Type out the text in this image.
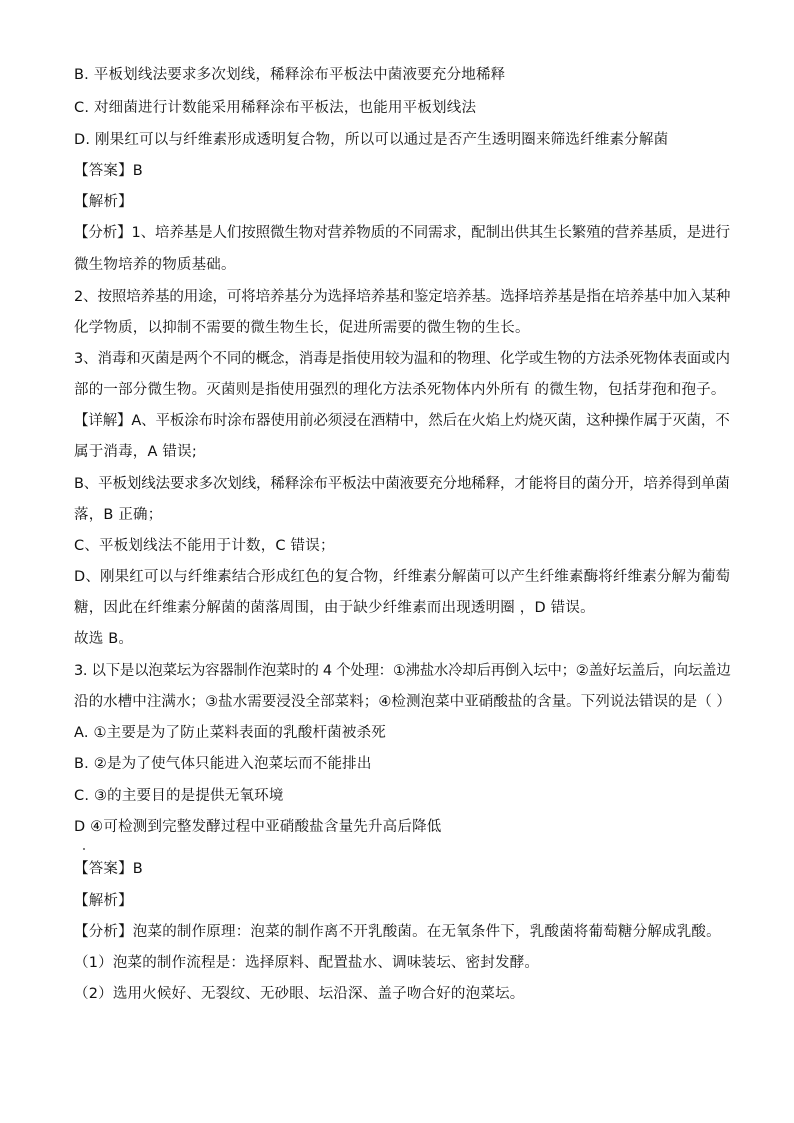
B. 平板划线法要求多次划线，稀释涂布平板法中菌液要充分地稀释
C. 对细菌进行计数能采用稀释涂布平板法，也能用平板划线法
D. 刚果红可以与纤维素形成透明复合物，所以可以通过是否产生透明圈来筛选纤维素分解菌
【答案】B
【解析】
【分析】1、培养基是人们按照微生物对营养物质的不同需求，配制出供其生长繁殖的营养基质，是进行
微生物培养的物质基础。
2、按照培养基的用途，可将培养基分为选择培养基和鉴定培养基。选择培养基是指在培养基中加入某种
化学物质，以抑制不需要的微生物生长，促进所需要的微生物的生长。
3、消毒和灭菌是两个不同的概念，消毒是指使用较为温和的物理、化学或生物的方法杀死物体表面或内
部的一部分微生物。灭菌则是指使用强烈的理化方法杀死物体内外所有 的微生物，包括芽孢和孢子。
【详解】A、平板涂布时涂布器使用前必须浸在酒精中，然后在火焰上灼烧灭菌，这种操作属于灭菌，不
属于消毒，A 错误;
B、平板划线法要求多次划线，稀释涂布平板法中菌液要充分地稀释，才能将目的菌分开，培养得到单菌
落，B 正确；
C、平板划线法不能用于计数，C 错误；
D、刚果红可以与纤维素结合形成红色的复合物，纤维素分解菌可以产生纤维素酶将纤维素分解为葡萄
糖，因此在纤维素分解菌的菌落周围，由于缺少纤维素而出现透明圈 ，D 错误。
故选 B。
3. 以下是以泡菜坛为容器制作泡菜时的 4 个处理：①沸盐水冷却后再倒入坛中；②盖好坛盖后，向坛盖边
沿的水槽中注满水；③盐水需要浸没全部菜料；④检测泡菜中亚硝酸盐的含量。下列说法错误的是（ ）
A. ①主要是为了防止菜料表面的乳酸杆菌被杀死
B. ②是为了使气体只能进入泡菜坛而不能排出
C. ③的主要目的是提供无氧环境
D ④可检测到完整发酵过程中亚硝酸盐含量先升高后降低
【答案】B
【解析】
【分析】泡菜的制作原理：泡菜的制作离不开乳酸菌。在无氧条件下，乳酸菌将葡萄糖分解成乳酸。
（1）泡菜的制作流程是：选择原料、配置盐水、调味装坛、密封发酵。
（2）选用火候好、无裂纹、无砂眼、坛沿深、盖子吻合好的泡菜坛。
